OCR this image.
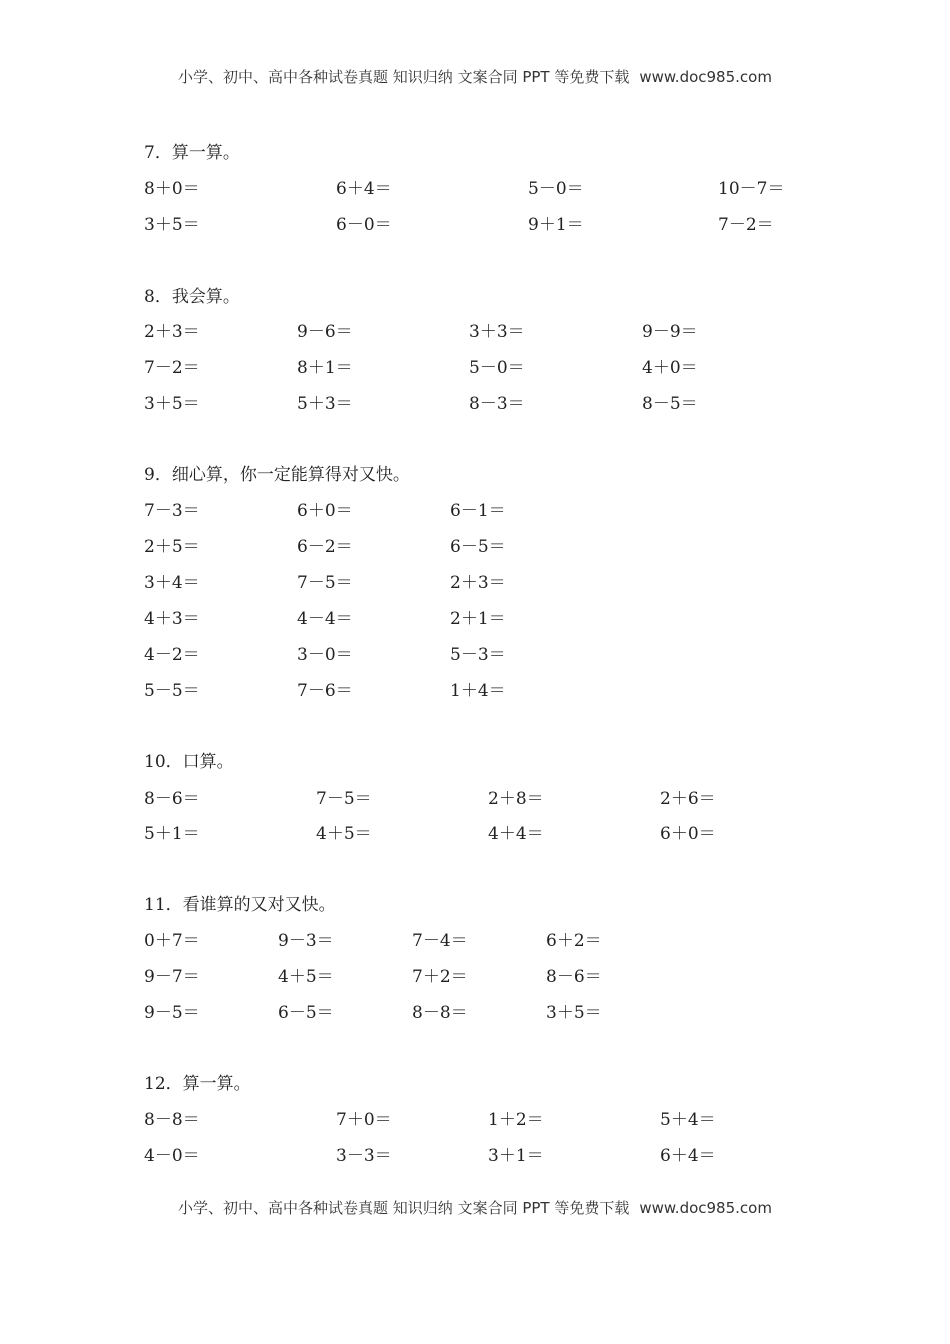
小学、初中、高中各种试卷真题 知识归纳 文案合同 PPT 等免费下载 www.doc985.com
7．算一算。
8＋0＝	6＋4＝	5－0＝	10－7＝
3＋5＝	6－0＝	9＋1＝	7－2＝
8．我会算。
2＋3＝	9－6＝	3＋3＝	9－9＝
7－2＝	8＋1＝	5－0＝	4＋0＝
3＋5＝	5＋3＝	8－3＝	8－5＝
9．细心算，你一定能算得对又快。
7－3＝	6＋0＝	6－1＝
2＋5＝	6－2＝	6－5＝
3＋4＝	7－5＝	2＋3＝
4＋3＝	4－4＝	2＋1＝
4－2＝	3－0＝	5－3＝
5－5＝	7－6＝	1＋4＝
10．口算。
8－6＝	7－5＝	2＋8＝	2＋6＝
5＋1＝	4＋5＝	4＋4＝	6＋0＝
11．看谁算的又对又快。
0＋7＝	9－3＝	7－4＝	6＋2＝
9－7＝	4＋5＝	7＋2＝	8－6＝
9－5＝	6－5＝	8－8＝	3＋5＝
12．算一算。
8－8＝	7＋0＝	1＋2＝	5＋4＝
4－0＝	3－3＝	3＋1＝	6＋4＝
小学、初中、高中各种试卷真题 知识归纳 文案合同 PPT 等免费下载 www.doc985.com
